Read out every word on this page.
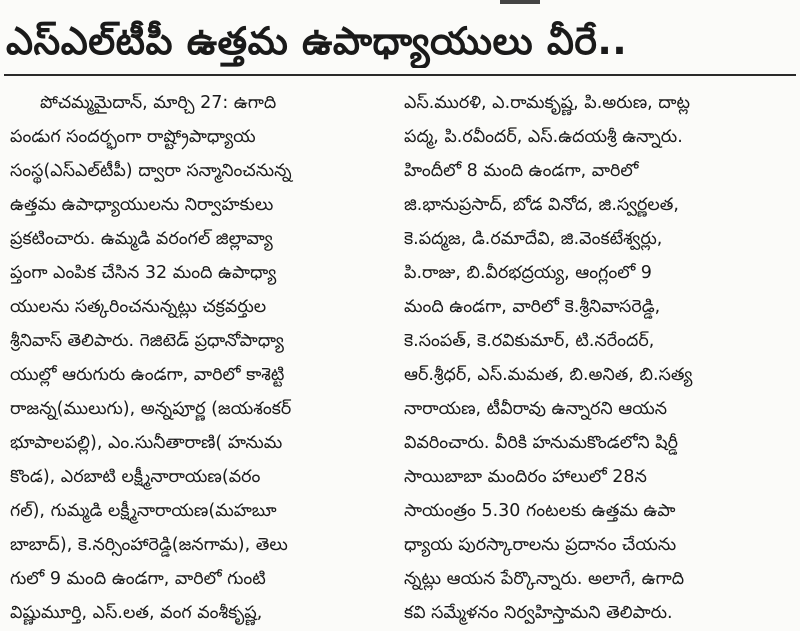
ఎస్‌ఎల్‌టీపీ ఉత్తమ ఉపాధ్యాయులు వీరే..
పోచమ్మమైదాన్, మార్చి 27: ఉగాది
పండుగ సందర్భంగా రాష్ట్రోపాధ్యాయ
సంస్థ(ఎస్‌ఎల్‌టీపీ) ద్వారా సన్మానించనున్న
ఉత్తమ ఉపాధ్యాయులను నిర్వాహకులు
ప్రకటించారు. ఉమ్మడి వరంగల్ జిల్లావ్యా
ప్తంగా ఎంపిక చేసిన 32 మంది ఉపాధ్యా
యులను సత్కరించనున్నట్లు చక్రవర్తుల
శ్రీనివాస్ తెలిపారు. గెజిటెడ్ ప్రధానోపాధ్యా
యుల్లో ఆరుగురు ఉండగా, వారిలో కాశెట్టి
రాజన్న(ములుగు), అన్నపూర్ణ (జయశంకర్
భూపాలపల్లి), ఎం.సునీతారాణి( హనుమ
కొండ), ఎరబాటి లక్ష్మీనారాయణ(వరం
గల్), గుమ్మడి లక్ష్మీనారాయణ(మహబూ
బాబాద్), కె.నర్సింహారెడ్డి(జనగామ), తెలు
గులో 9 మంది ఉండగా, వారిలో గుంటి
విష్ణుమూర్తి, ఎస్.లత, వంగ వంశీకృష్ణ,
ఎస్.మురళి, ఎ.రామకృష్ణ, పి.అరుణ, దాట్ల
పద్మ, పి.రవీందర్, ఎస్.ఉదయశ్రీ ఉన్నారు.
హిందీలో 8 మంది ఉండగా, వారిలో
జి.భానుప్రసాద్, బోడ వినోద, జి.స్వర్ణలత,
కె.పద్మజ, డి.రమాదేవి, జి.వెంకటేశ్వర్లు,
పి.రాజు, బి.వీరభద్రయ్య, ఆంగ్లంలో 9
మంది ఉండగా, వారిలో కె.శ్రీనివాసరెడ్డి,
కె.సంపత్, కె.రవికుమార్, టి.నరేందర్,
ఆర్.శ్రీధర్, ఎస్.మమత, బి.అనిత, బి.సత్య
నారాయణ, టీవీరావు ఉన్నారని ఆయన
వివరించారు. వీరికి హనుమకొండలోని షిర్డీ
సాయిబాబా మందిరం హాలులో 28న
సాయంత్రం 5.30 గంటలకు ఉత్తమ ఉపా
ధ్యాయ పురస్కారాలను ప్రదానం చేయను
న్నట్లు ఆయన పేర్కొన్నారు. అలాగే, ఉగాది
కవి సమ్మేళనం నిర్వహిస్తామని తెలిపారు.
